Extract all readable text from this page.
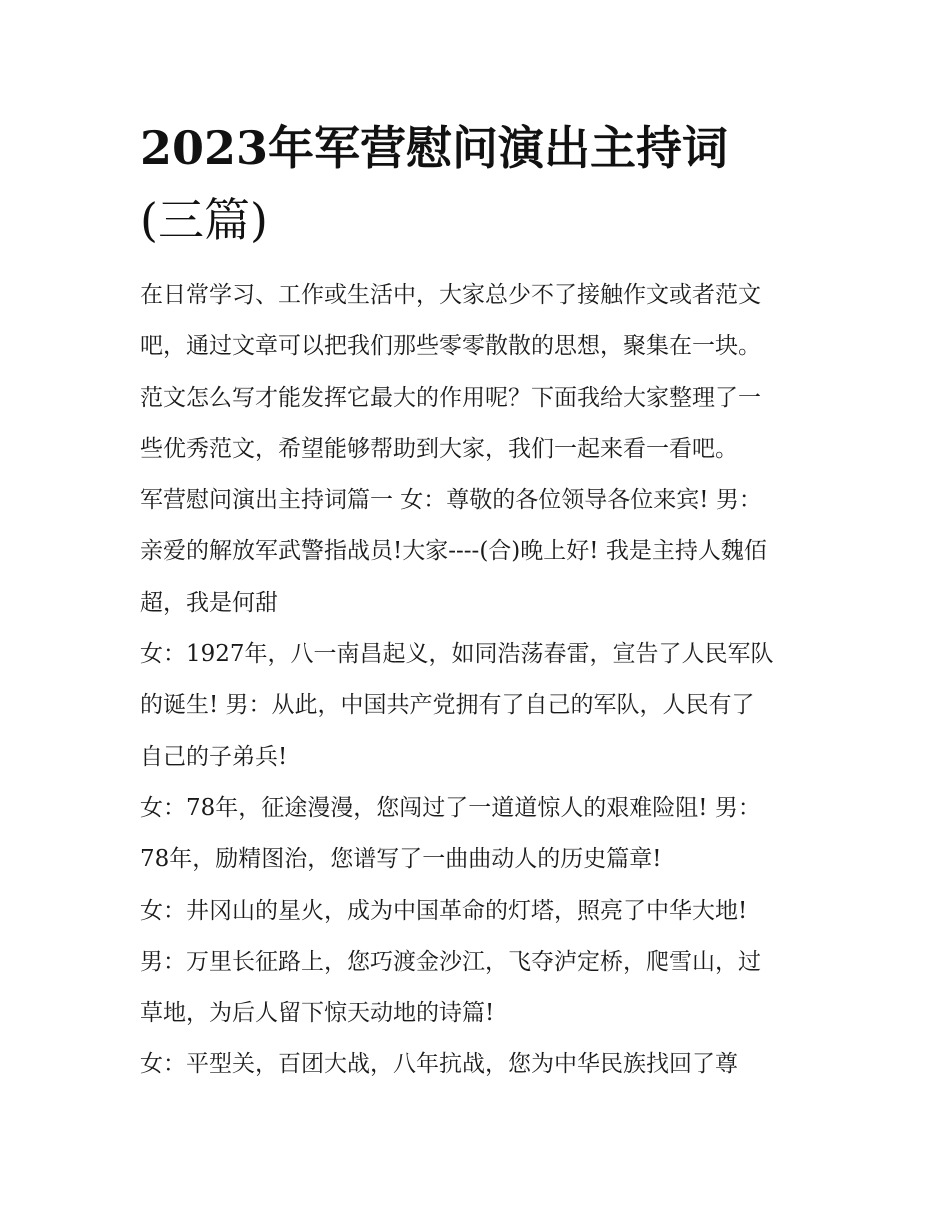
2023年军营慰问演出主持词
(三篇)

在日常学习、工作或生活中，大家总少不了接触作文或者范文
吧，通过文章可以把我们那些零零散散的思想，聚集在一块。
范文怎么写才能发挥它最大的作用呢？下面我给大家整理了一
些优秀范文，希望能够帮助到大家，我们一起来看一看吧。

军营慰问演出主持词篇一 女：尊敬的各位领导各位来宾! 男：
亲爱的解放军武警指战员!大家----(合)晚上好! 我是主持人魏佰
超，我是何甜

女：1927年，八一南昌起义，如同浩荡春雷，宣告了人民军队
的诞生! 男：从此，中国共产党拥有了自己的军队，人民有了
自己的子弟兵!

女：78年，征途漫漫，您闯过了一道道惊人的艰难险阻! 男：
78年，励精图治，您谱写了一曲曲动人的历史篇章!

女：井冈山的星火，成为中国革命的灯塔，照亮了中华大地!

男：万里长征路上，您巧渡金沙江，飞夺泸定桥，爬雪山，过
草地，为后人留下惊天动地的诗篇!

女：平型关，百团大战，八年抗战，您为中华民族找回了尊
